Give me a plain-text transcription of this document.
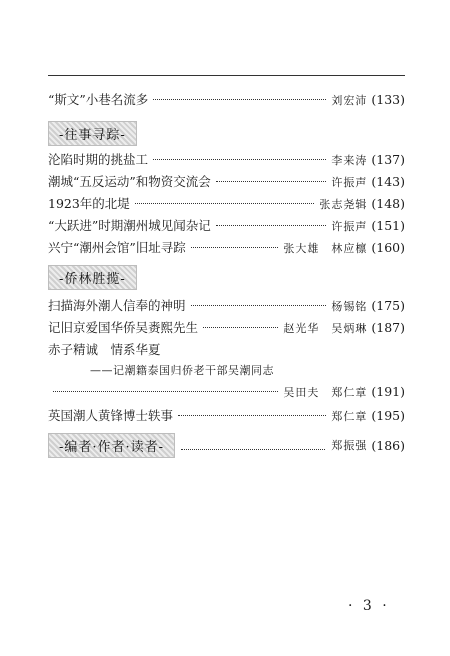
“斯文”小巷名流多	刘宏沛 (133)
-往事寻踪-
沦陷时期的挑盐工	李来涛 (137)
潮城“五反运动”和物资交流会	许振声 (143)
1923年的北堤	张志尧辑 (148)
“大跃进”时期潮州城见闻杂记	许振声 (151)
兴宁“潮州会馆”旧址寻踪	张大雄 林应檩 (160)
-侨林胜揽-
扫描海外潮人信奉的神明	杨锡铭 (175)
记旧京爱国华侨吴赉熙先生	赵光华 吴炳琳 (187)
赤子精诚　情系华夏
——记潮籍泰国归侨老干部吴潮同志
吴田夫 郑仁章 (191)
英国潮人黄锋博士轶事	郑仁章 (195)
-编者·作者·读者-	郑振强 (186)
· 3 ·
